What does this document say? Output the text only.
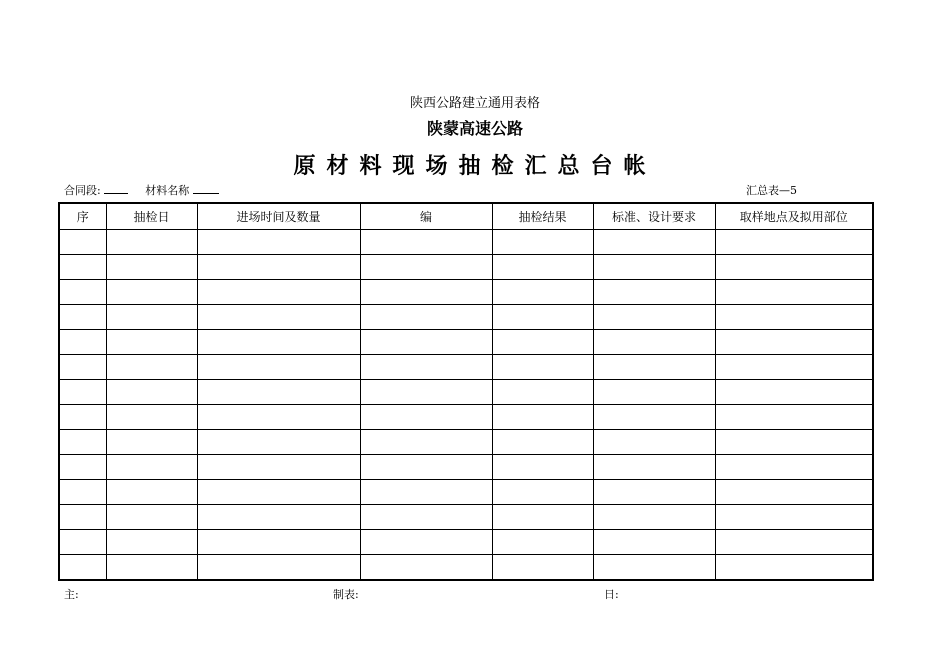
陕西公路建立通用表格
陕蒙高速公路
原材料现场抽检汇总台帐
合同段:	材料名称	汇总表—5
序	抽检日	进场时间及数量	编	抽检结果	标准、设计要求	取样地点及拟用部位

主:	制表:	日:
